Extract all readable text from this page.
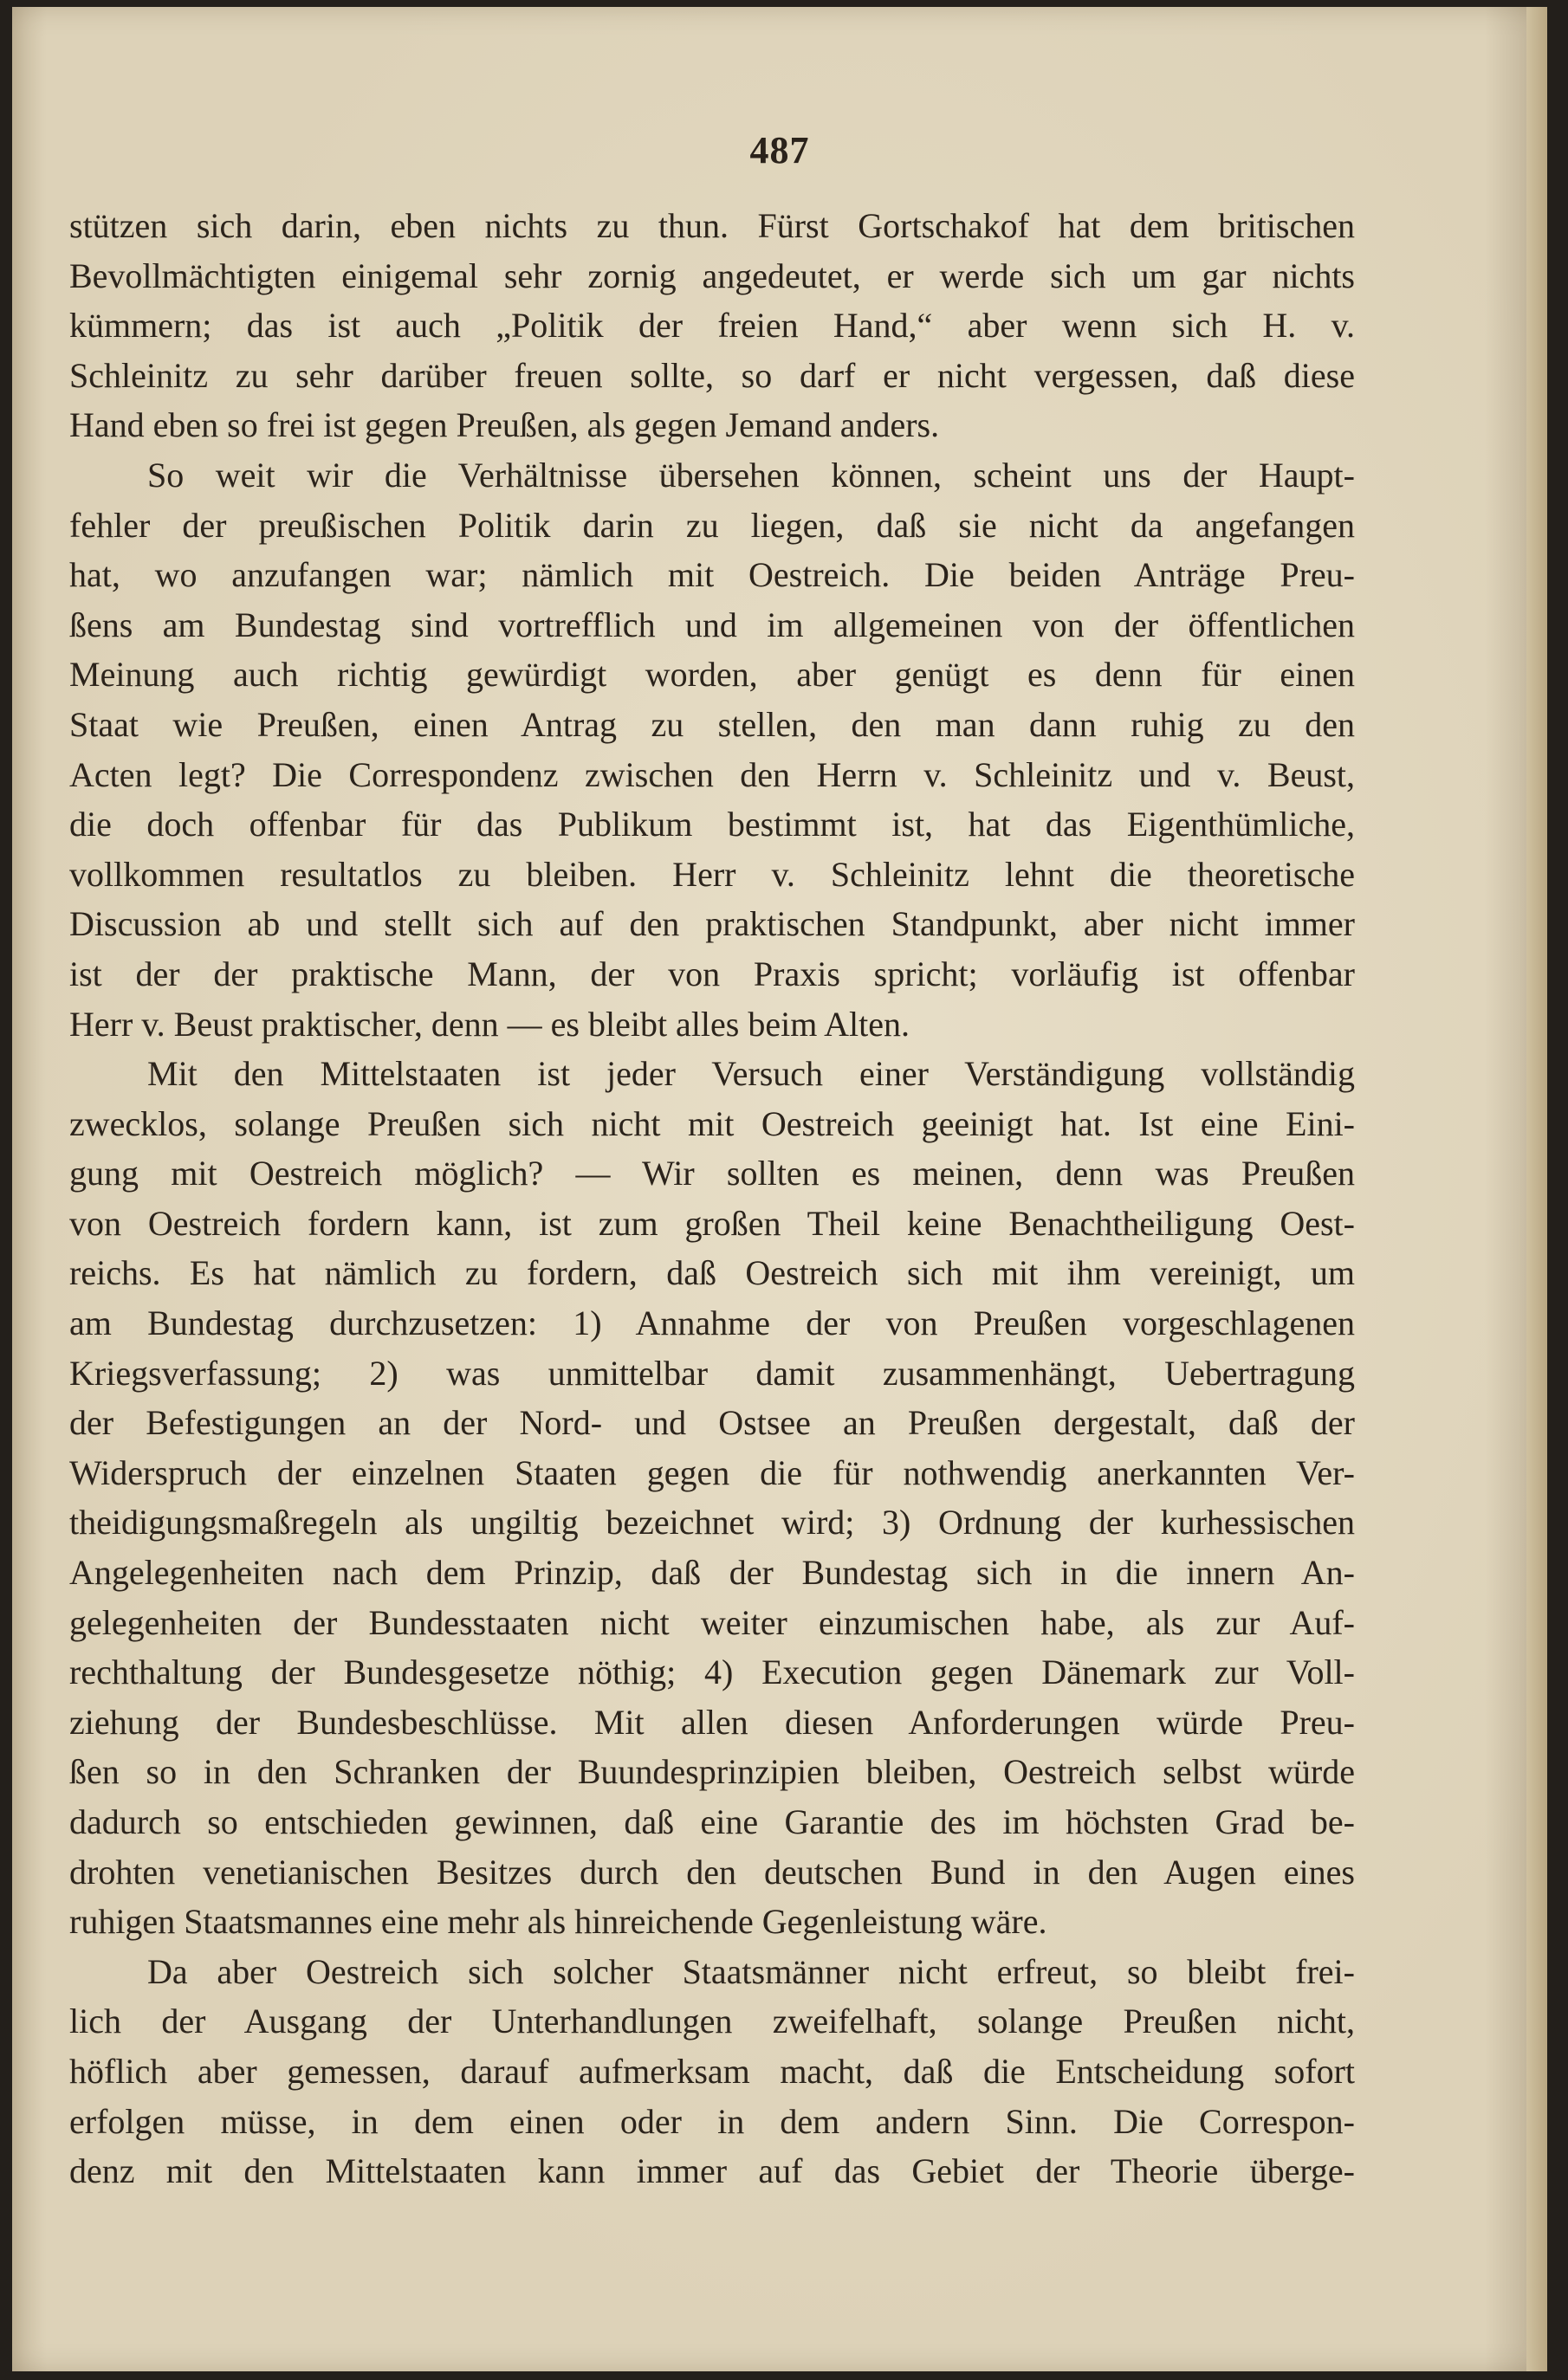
487
stützen sich darin, eben nichts zu thun. Fürst Gortschakof hat dem britischen
Bevollmächtigten einigemal sehr zornig angedeutet, er werde sich um gar nichts
kümmern; das ist auch „Politik der freien Hand,“ aber wenn sich H. v.
Schleinitz zu sehr darüber freuen sollte, so darf er nicht vergessen, daß diese
Hand eben so frei ist gegen Preußen, als gegen Jemand anders.
So weit wir die Verhältnisse übersehen können, scheint uns der Haupt-
fehler der preußischen Politik darin zu liegen, daß sie nicht da angefangen
hat, wo anzufangen war; nämlich mit Oestreich. Die beiden Anträge Preu-
ßens am Bundestag sind vortrefflich und im allgemeinen von der öffentlichen
Meinung auch richtig gewürdigt worden, aber genügt es denn für einen
Staat wie Preußen, einen Antrag zu stellen, den man dann ruhig zu den
Acten legt? Die Correspondenz zwischen den Herrn v. Schleinitz und v. Beust,
die doch offenbar für das Publikum bestimmt ist, hat das Eigenthümliche,
vollkommen resultatlos zu bleiben. Herr v. Schleinitz lehnt die theoretische
Discussion ab und stellt sich auf den praktischen Standpunkt, aber nicht immer
ist der der praktische Mann, der von Praxis spricht; vorläufig ist offenbar
Herr v. Beust praktischer, denn — es bleibt alles beim Alten.
Mit den Mittelstaaten ist jeder Versuch einer Verständigung vollständig
zwecklos, solange Preußen sich nicht mit Oestreich geeinigt hat. Ist eine Eini-
gung mit Oestreich möglich? — Wir sollten es meinen, denn was Preußen
von Oestreich fordern kann, ist zum großen Theil keine Benachtheiligung Oest-
reichs. Es hat nämlich zu fordern, daß Oestreich sich mit ihm vereinigt, um
am Bundestag durchzusetzen: 1) Annahme der von Preußen vorgeschlagenen
Kriegsverfassung; 2) was unmittelbar damit zusammenhängt, Uebertragung
der Befestigungen an der Nord- und Ostsee an Preußen dergestalt, daß der
Widerspruch der einzelnen Staaten gegen die für nothwendig anerkannten Ver-
theidigungsmaßregeln als ungiltig bezeichnet wird; 3) Ordnung der kurhessischen
Angelegenheiten nach dem Prinzip, daß der Bundestag sich in die innern An-
gelegenheiten der Bundesstaaten nicht weiter einzumischen habe, als zur Auf-
rechthaltung der Bundesgesetze nöthig; 4) Execution gegen Dänemark zur Voll-
ziehung der Bundesbeschlüsse. Mit allen diesen Anforderungen würde Preu-
ßen so in den Schranken der Buundesprinzipien bleiben, Oestreich selbst würde
dadurch so entschieden gewinnen, daß eine Garantie des im höchsten Grad be-
drohten venetianischen Besitzes durch den deutschen Bund in den Augen eines
ruhigen Staatsmannes eine mehr als hinreichende Gegenleistung wäre.
Da aber Oestreich sich solcher Staatsmänner nicht erfreut, so bleibt frei-
lich der Ausgang der Unterhandlungen zweifelhaft, solange Preußen nicht,
höflich aber gemessen, darauf aufmerksam macht, daß die Entscheidung sofort
erfolgen müsse, in dem einen oder in dem andern Sinn. Die Correspon-
denz mit den Mittelstaaten kann immer auf das Gebiet der Theorie überge-
